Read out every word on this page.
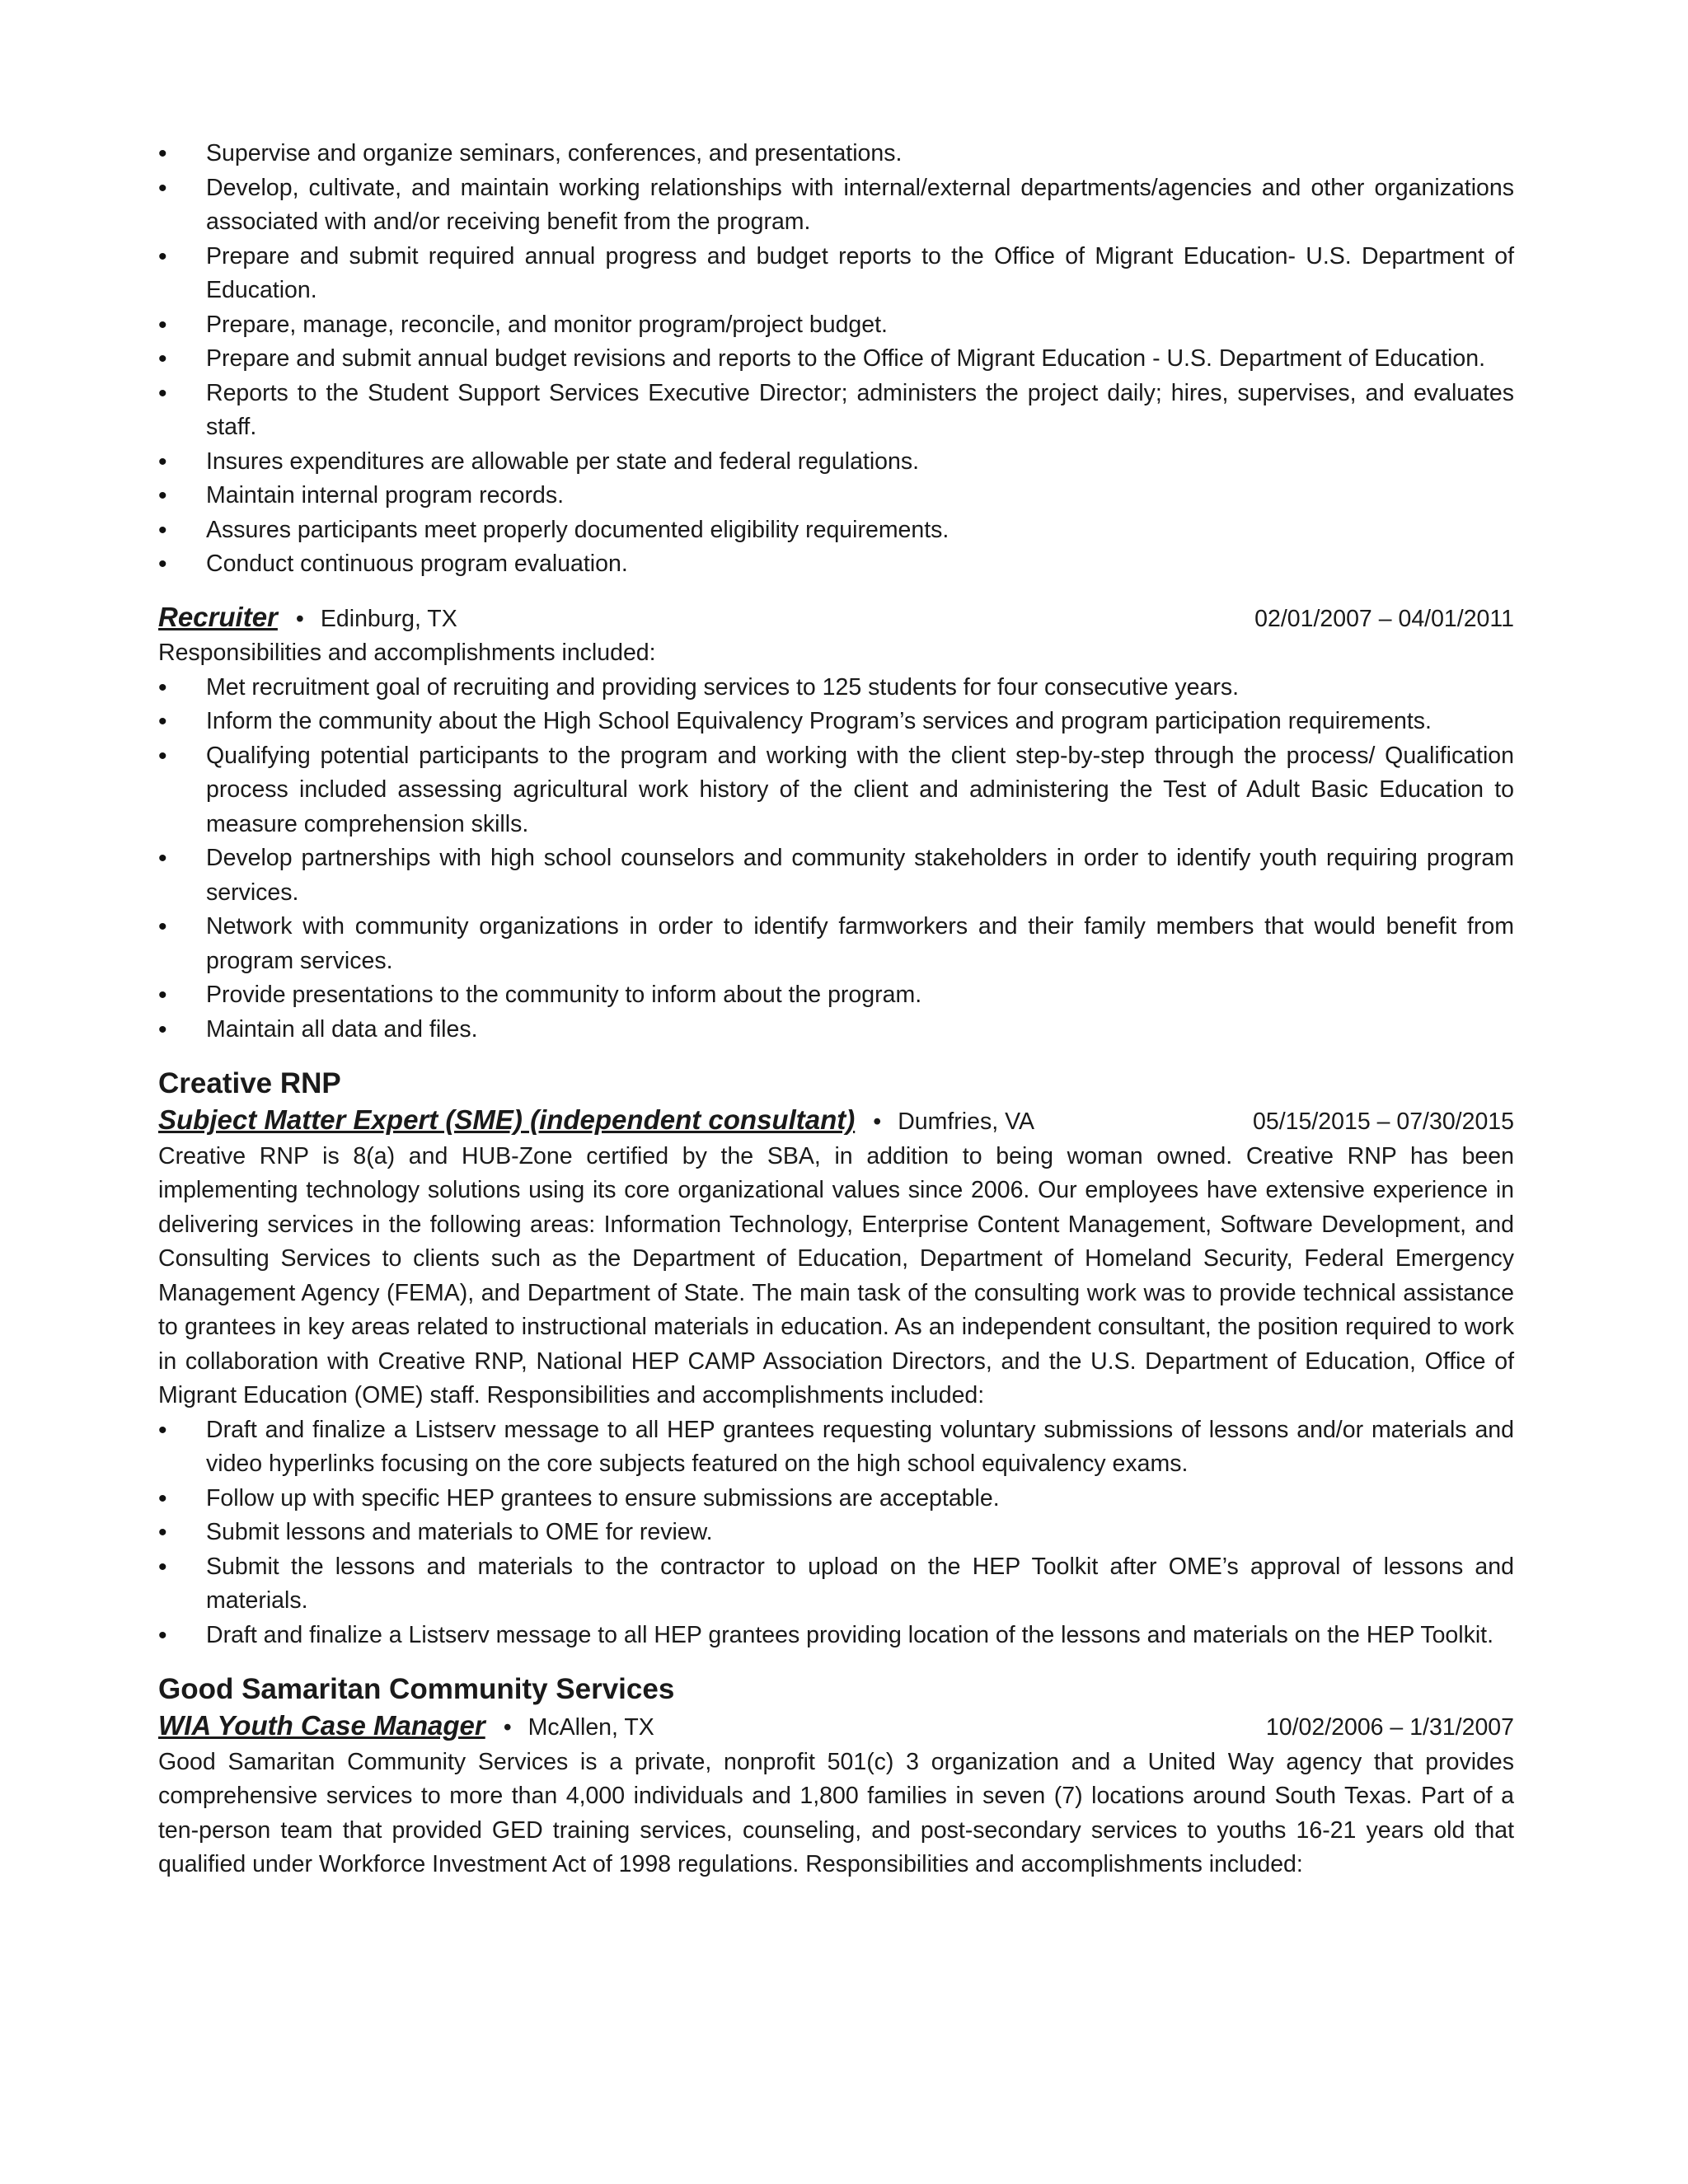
• Supervise and organize seminars, conferences, and presentations.
• Develop, cultivate, and maintain working relationships with internal/external departments/agencies and other organizations associated with and/or receiving benefit from the program.
• Prepare and submit required annual progress and budget reports to the Office of Migrant Education- U.S. Department of Education.
• Prepare, manage, reconcile, and monitor program/project budget.
• Prepare and submit annual budget revisions and reports to the Office of Migrant Education - U.S. Department of Education.
• Reports to the Student Support Services Executive Director; administers the project daily; hires, supervises, and evaluates staff.
• Insures expenditures are allowable per state and federal regulations.
• Maintain internal program records.
• Assures participants meet properly documented eligibility requirements.
• Conduct continuous program evaluation.
Recruiter • Edinburg, TX	02/01/2007 – 04/01/2011
Responsibilities and accomplishments included:
• Met recruitment goal of recruiting and providing services to 125 students for four consecutive years.
• Inform the community about the High School Equivalency Program’s services and program participation requirements.
• Qualifying potential participants to the program and working with the client step-by-step through the process/ Qualification process included assessing agricultural work history of the client and administering the Test of Adult Basic Education to measure comprehension skills.
• Develop partnerships with high school counselors and community stakeholders in order to identify youth requiring program services.
• Network with community organizations in order to identify farmworkers and their family members that would benefit from program services.
• Provide presentations to the community to inform about the program.
• Maintain all data and files.
Creative RNP
Subject Matter Expert (SME) (independent consultant) • Dumfries, VA	05/15/2015 – 07/30/2015
Creative RNP is 8(a) and HUB-Zone certified by the SBA, in addition to being woman owned. Creative RNP has been implementing technology solutions using its core organizational values since 2006. Our employees have extensive experience in delivering services in the following areas: Information Technology, Enterprise Content Management, Software Development, and Consulting Services to clients such as the Department of Education, Department of Homeland Security, Federal Emergency Management Agency (FEMA), and Department of State. The main task of the consulting work was to provide technical assistance to grantees in key areas related to instructional materials in education. As an independent consultant, the position required to work in collaboration with Creative RNP, National HEP CAMP Association Directors, and the U.S. Department of Education, Office of Migrant Education (OME) staff. Responsibilities and accomplishments included:
• Draft and finalize a Listserv message to all HEP grantees requesting voluntary submissions of lessons and/or materials and video hyperlinks focusing on the core subjects featured on the high school equivalency exams.
• Follow up with specific HEP grantees to ensure submissions are acceptable.
• Submit lessons and materials to OME for review.
• Submit the lessons and materials to the contractor to upload on the HEP Toolkit after OME’s approval of lessons and materials.
• Draft and finalize a Listserv message to all HEP grantees providing location of the lessons and materials on the HEP Toolkit.
Good Samaritan Community Services
WIA Youth Case Manager • McAllen, TX	10/02/2006 – 1/31/2007
Good Samaritan Community Services is a private, nonprofit 501(c) 3 organization and a United Way agency that provides comprehensive services to more than 4,000 individuals and 1,800 families in seven (7) locations around South Texas. Part of a ten-person team that provided GED training services, counseling, and post-secondary services to youths 16-21 years old that qualified under Workforce Investment Act of 1998 regulations. Responsibilities and accomplishments included:
